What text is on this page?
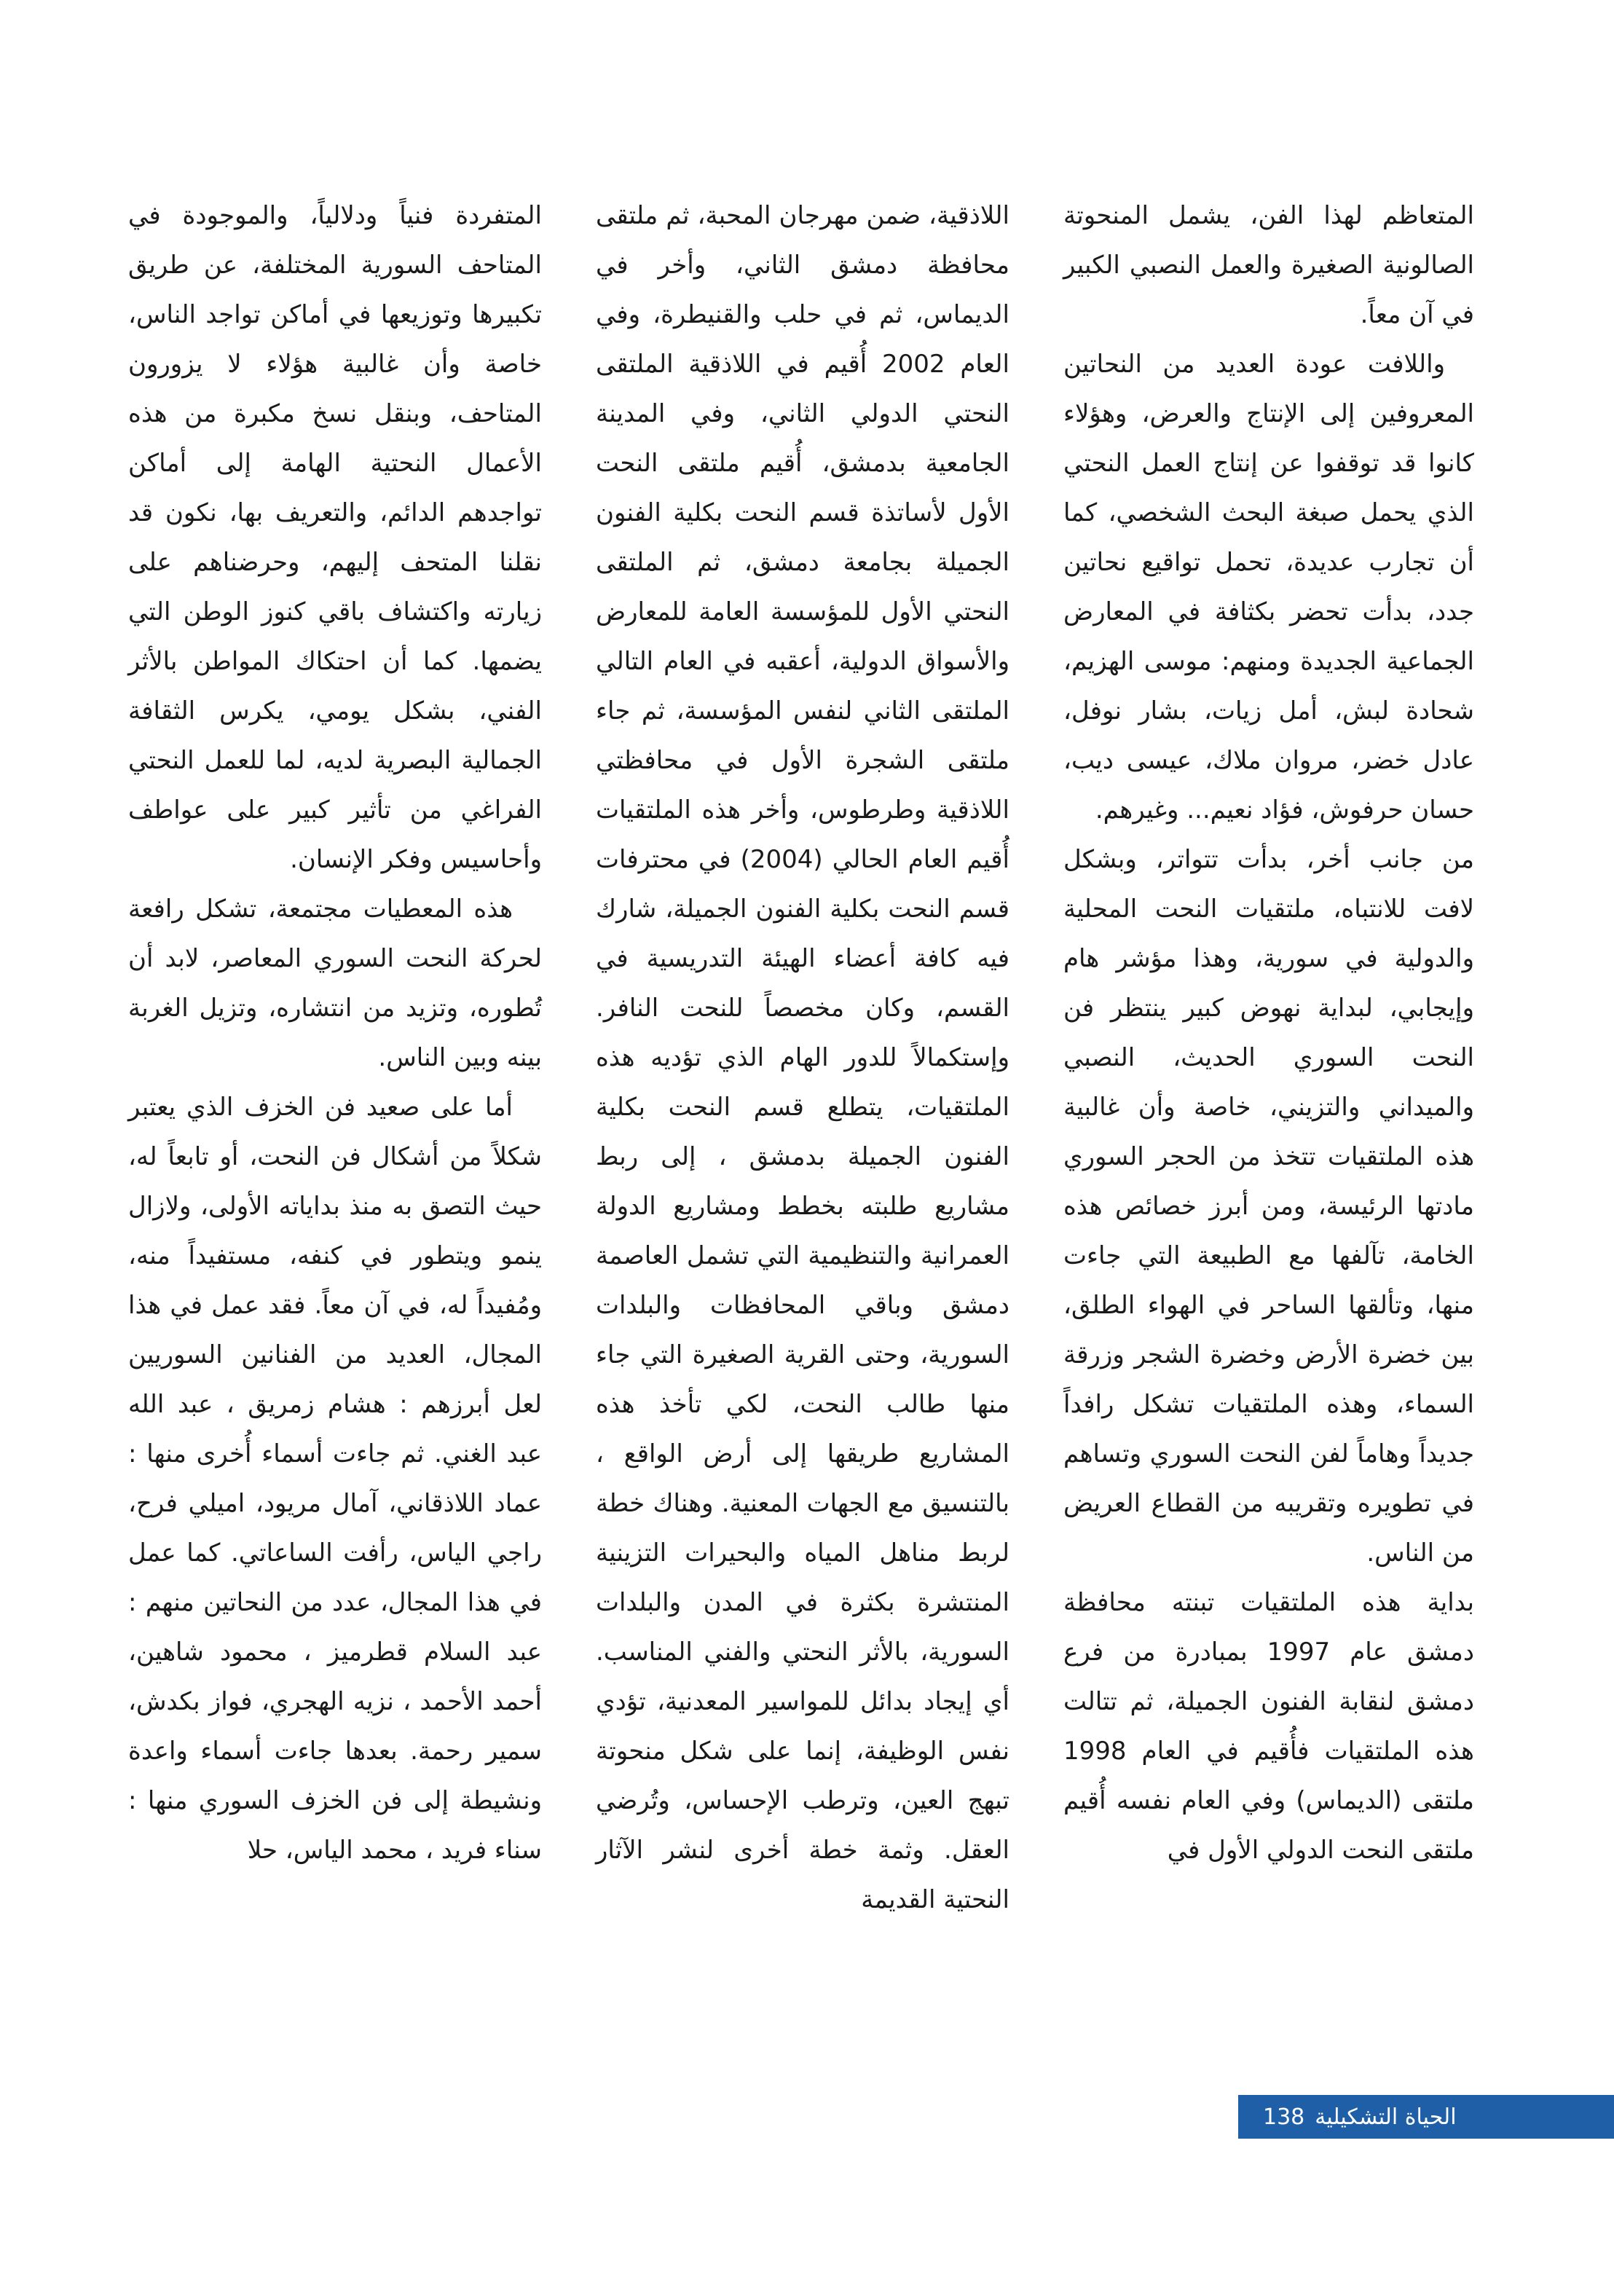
المتعاظم لهذا الفن، يشمل المنحوتة الصالونية الصغيرة والعمل النصبي الكبير في آن معاً.

واللافت عودة العديد من النحاتين المعروفين إلى الإنتاج والعرض، وهؤلاء كانوا قد توقفوا عن إنتاج العمل النحتي الذي يحمل صبغة البحث الشخصي، كما أن تجارب عديدة، تحمل تواقيع نحاتين جدد، بدأت تحضر بكثافة في المعارض الجماعية الجديدة ومنهم: موسى الهزيم، شحادة لبش، أمل زيات، بشار نوفل، عادل خضر، مروان ملاك، عيسى ديب، حسان حرفوش، فؤاد نعيم... وغيرهم.

من جانب أخر، بدأت تتواتر، وبشكل لافت للانتباه، ملتقيات النحت المحلية والدولية في سورية، وهذا مؤشر هام وإيجابي، لبداية نهوض كبير ينتظر فن النحت السوري الحديث، النصبي والميداني والتزيني، خاصة وأن غالبية هذه الملتقيات تتخذ من الحجر السوري مادتها الرئيسة، ومن أبرز خصائص هذه الخامة، تآلفها مع الطبيعة التي جاءت منها، وتألقها الساحر في الهواء الطلق، بين خضرة الأرض وخضرة الشجر وزرقة السماء، وهذه الملتقيات تشكل رافداً جديداً وهاماً لفن النحت السوري وتساهم في تطويره وتقريبه من القطاع العريض من الناس.

بداية هذه الملتقيات تبنته محافظة دمشق عام 1997 بمبادرة من فرع دمشق لنقابة الفنون الجميلة، ثم تتالت هذه الملتقيات فأُقيم في العام 1998 ملتقى (الديماس) وفي العام نفسه أُقيم ملتقى النحت الدولي الأول في

اللاذقية، ضمن مهرجان المحبة، ثم ملتقى محافظة دمشق الثاني، وأخر في الديماس، ثم في حلب والقنيطرة، وفي العام 2002 أُقيم في اللاذقية الملتقى النحتي الدولي الثاني، وفي المدينة الجامعية بدمشق، أُقيم ملتقى النحت الأول لأساتذة قسم النحت بكلية الفنون الجميلة بجامعة دمشق، ثم الملتقى النحتي الأول للمؤسسة العامة للمعارض والأسواق الدولية، أعقبه في العام التالي الملتقى الثاني لنفس المؤسسة، ثم جاء ملتقى الشجرة الأول في محافظتي اللاذقية وطرطوس، وأخر هذه الملتقيات أُقيم العام الحالي (2004) في محترفات قسم النحت بكلية الفنون الجميلة، شارك فيه كافة أعضاء الهيئة التدريسية في القسم، وكان مخصصاً للنحت النافر. وإستكمالاً للدور الهام الذي تؤديه هذه الملتقيات، يتطلع قسم النحت بكلية الفنون الجميلة بدمشق ، إلى ربط مشاريع طلبته بخطط ومشاريع الدولة العمرانية والتنظيمية التي تشمل العاصمة دمشق وباقي المحافظات والبلدات السورية، وحتى القرية الصغيرة التي جاء منها طالب النحت، لكي تأخذ هذه المشاريع طريقها إلى أرض الواقع ، بالتنسيق مع الجهات المعنية. وهناك خطة لربط مناهل المياه والبحيرات التزينية المنتشرة بكثرة في المدن والبلدات السورية، بالأثر النحتي والفني المناسب. أي إيجاد بدائل للمواسير المعدنية، تؤدي نفس الوظيفة، إنما على شكل منحوتة تبهج العين، وترطب الإحساس، وتُرضي العقل. وثمة خطة أخرى لنشر الآثار النحتية القديمة

المتفردة فنياً ودلالياً، والموجودة في المتاحف السورية المختلفة، عن طريق تكبيرها وتوزيعها في أماكن تواجد الناس، خاصة وأن غالبية هؤلاء لا يزورون المتاحف، وبنقل نسخ مكبرة من هذه الأعمال النحتية الهامة إلى أماكن تواجدهم الدائم، والتعريف بها، نكون قد نقلنا المتحف إليهم، وحرضناهم على زيارته واكتشاف باقي كنوز الوطن التي يضمها. كما أن احتكاك المواطن بالأثر الفني، بشكل يومي، يكرس الثقافة الجمالية البصرية لديه، لما للعمل النحتي الفراغي من تأثير كبير على عواطف وأحاسيس وفكر الإنسان.

هذه المعطيات مجتمعة، تشكل رافعة لحركة النحت السوري المعاصر، لابد أن تُطوره، وتزيد من انتشاره، وتزيل الغربة بينه وبين الناس.

أما على صعيد فن الخزف الذي يعتبر شكلاً من أشكال فن النحت، أو تابعاً له، حيث التصق به منذ بداياته الأولى، ولازال ينمو ويتطور في كنفه، مستفيداً منه، ومُفيداً له، في آن معاً. فقد عمل في هذا المجال، العديد من الفنانين السوريين لعل أبرزهم : هشام زمريق ، عبد الله عبد الغني. ثم جاءت أسماء أُخرى منها : عماد اللاذقاني، آمال مريود، اميلي فرح، راجي الياس، رأفت الساعاتي. كما عمل في هذا المجال، عدد من النحاتين منهم : عبد السلام قطرميز ، محمود شاهين، أحمد الأحمد ، نزيه الهجري، فواز بكدش، سمير رحمة. بعدها جاءت أسماء واعدة ونشيطة إلى فن الخزف السوري منها : سناء فريد ، محمد الياس، حلا

الحياة التشكيلية
138
